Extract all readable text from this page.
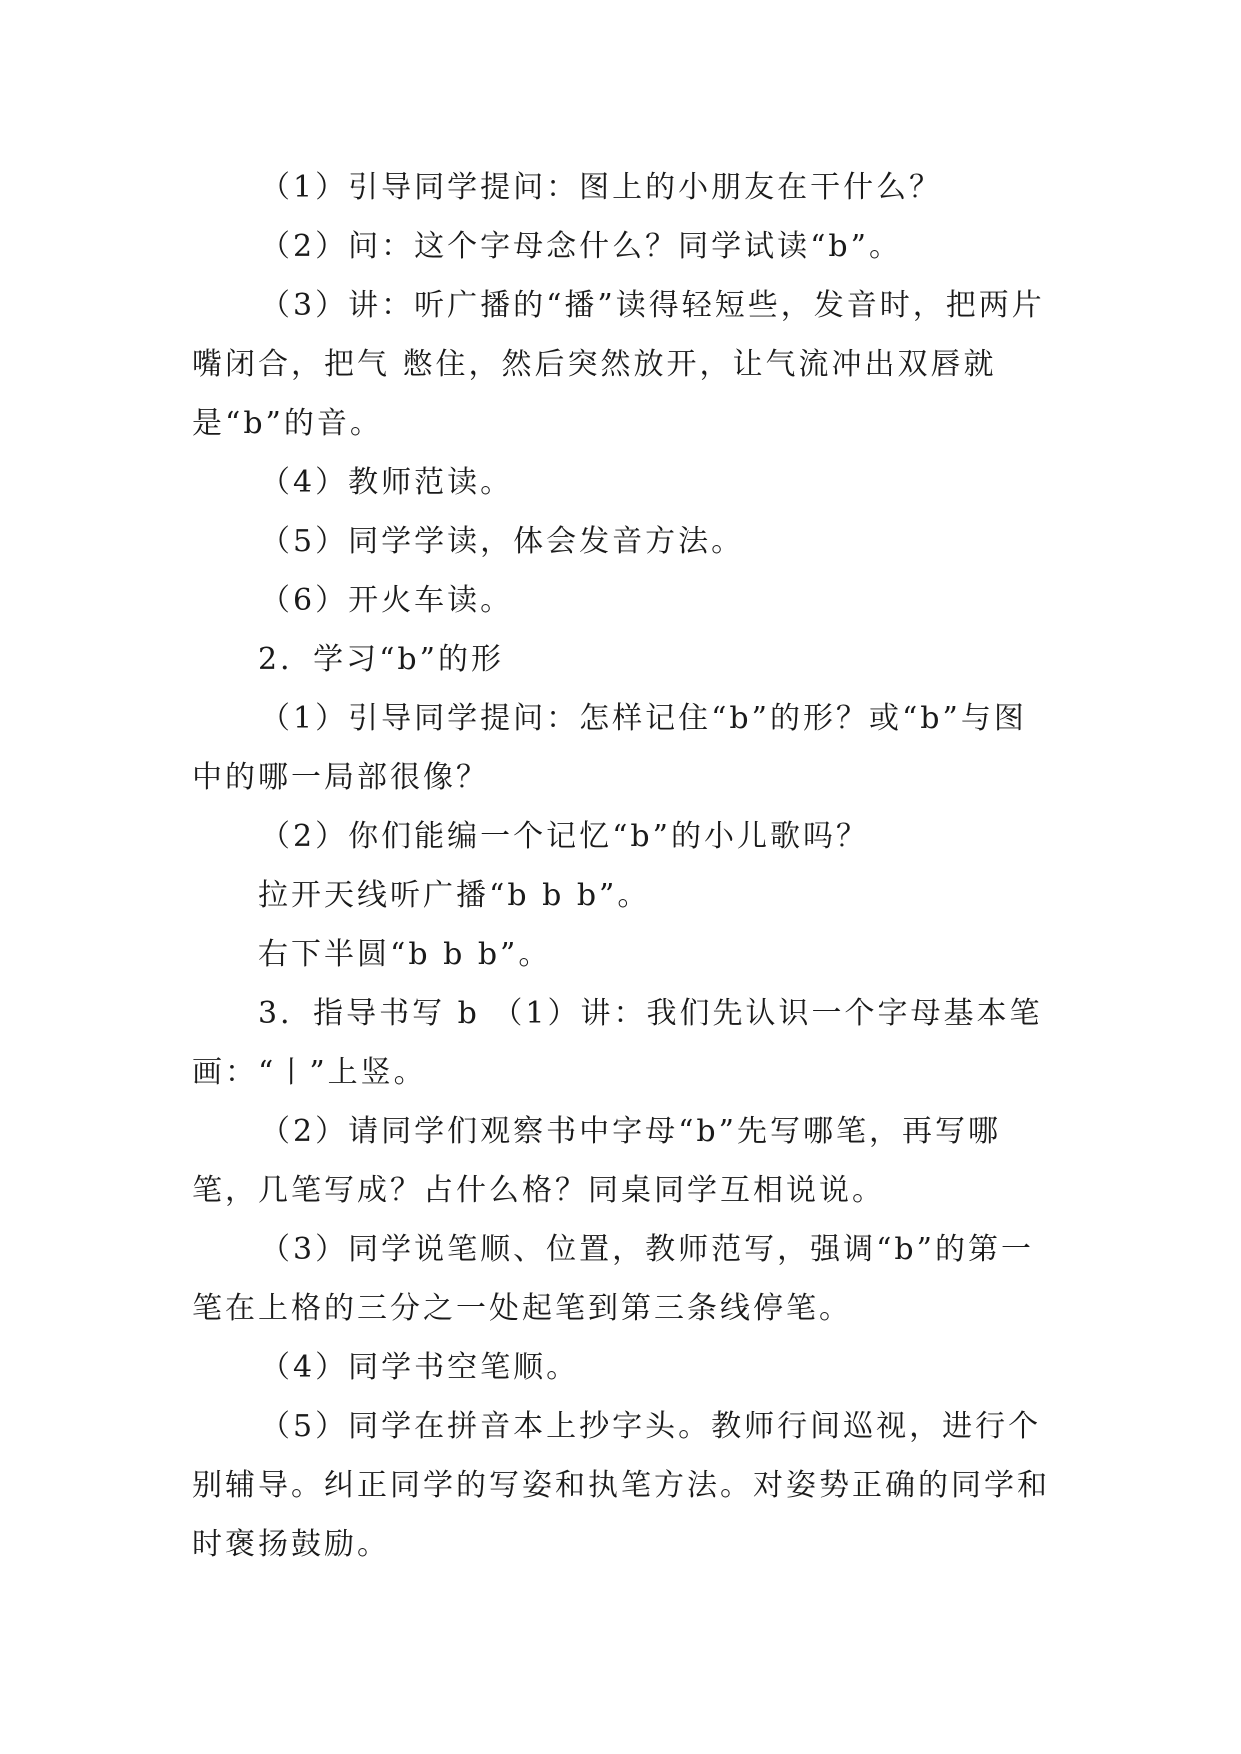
（1）引导同学提问：图上的小朋友在干什么？

（2）问：这个字母念什么？同学试读“b”。

（3）讲：听广播的“播”读得轻短些，发音时，把两片嘴闭合，把气 憋住，然后突然放开，让气流冲出双唇就是“b”的音。

（4）教师范读。

（5）同学学读，体会发音方法。

（6）开火车读。

2．学习“b”的形

（1）引导同学提问：怎样记住“b”的形？或“b”与图中的哪一局部很像？

（2）你们能编一个记忆“b”的小儿歌吗？

拉开天线听广播“b b b”。

右下半圆“b b b”。

3．指导书写 b （1）讲：我们先认识一个字母基本笔画：“丨”上竖。

（2）请同学们观察书中字母“b”先写哪笔，再写哪笔，几笔写成？占什么格？同桌同学互相说说。

（3）同学说笔顺、位置，教师范写，强调“b”的第一笔在上格的三分之一处起笔到第三条线停笔。

（4）同学书空笔顺。

（5）同学在拼音本上抄字头。教师行间巡视，进行个别辅导。纠正同学的写姿和执笔方法。对姿势正确的同学和时褒扬鼓励。
